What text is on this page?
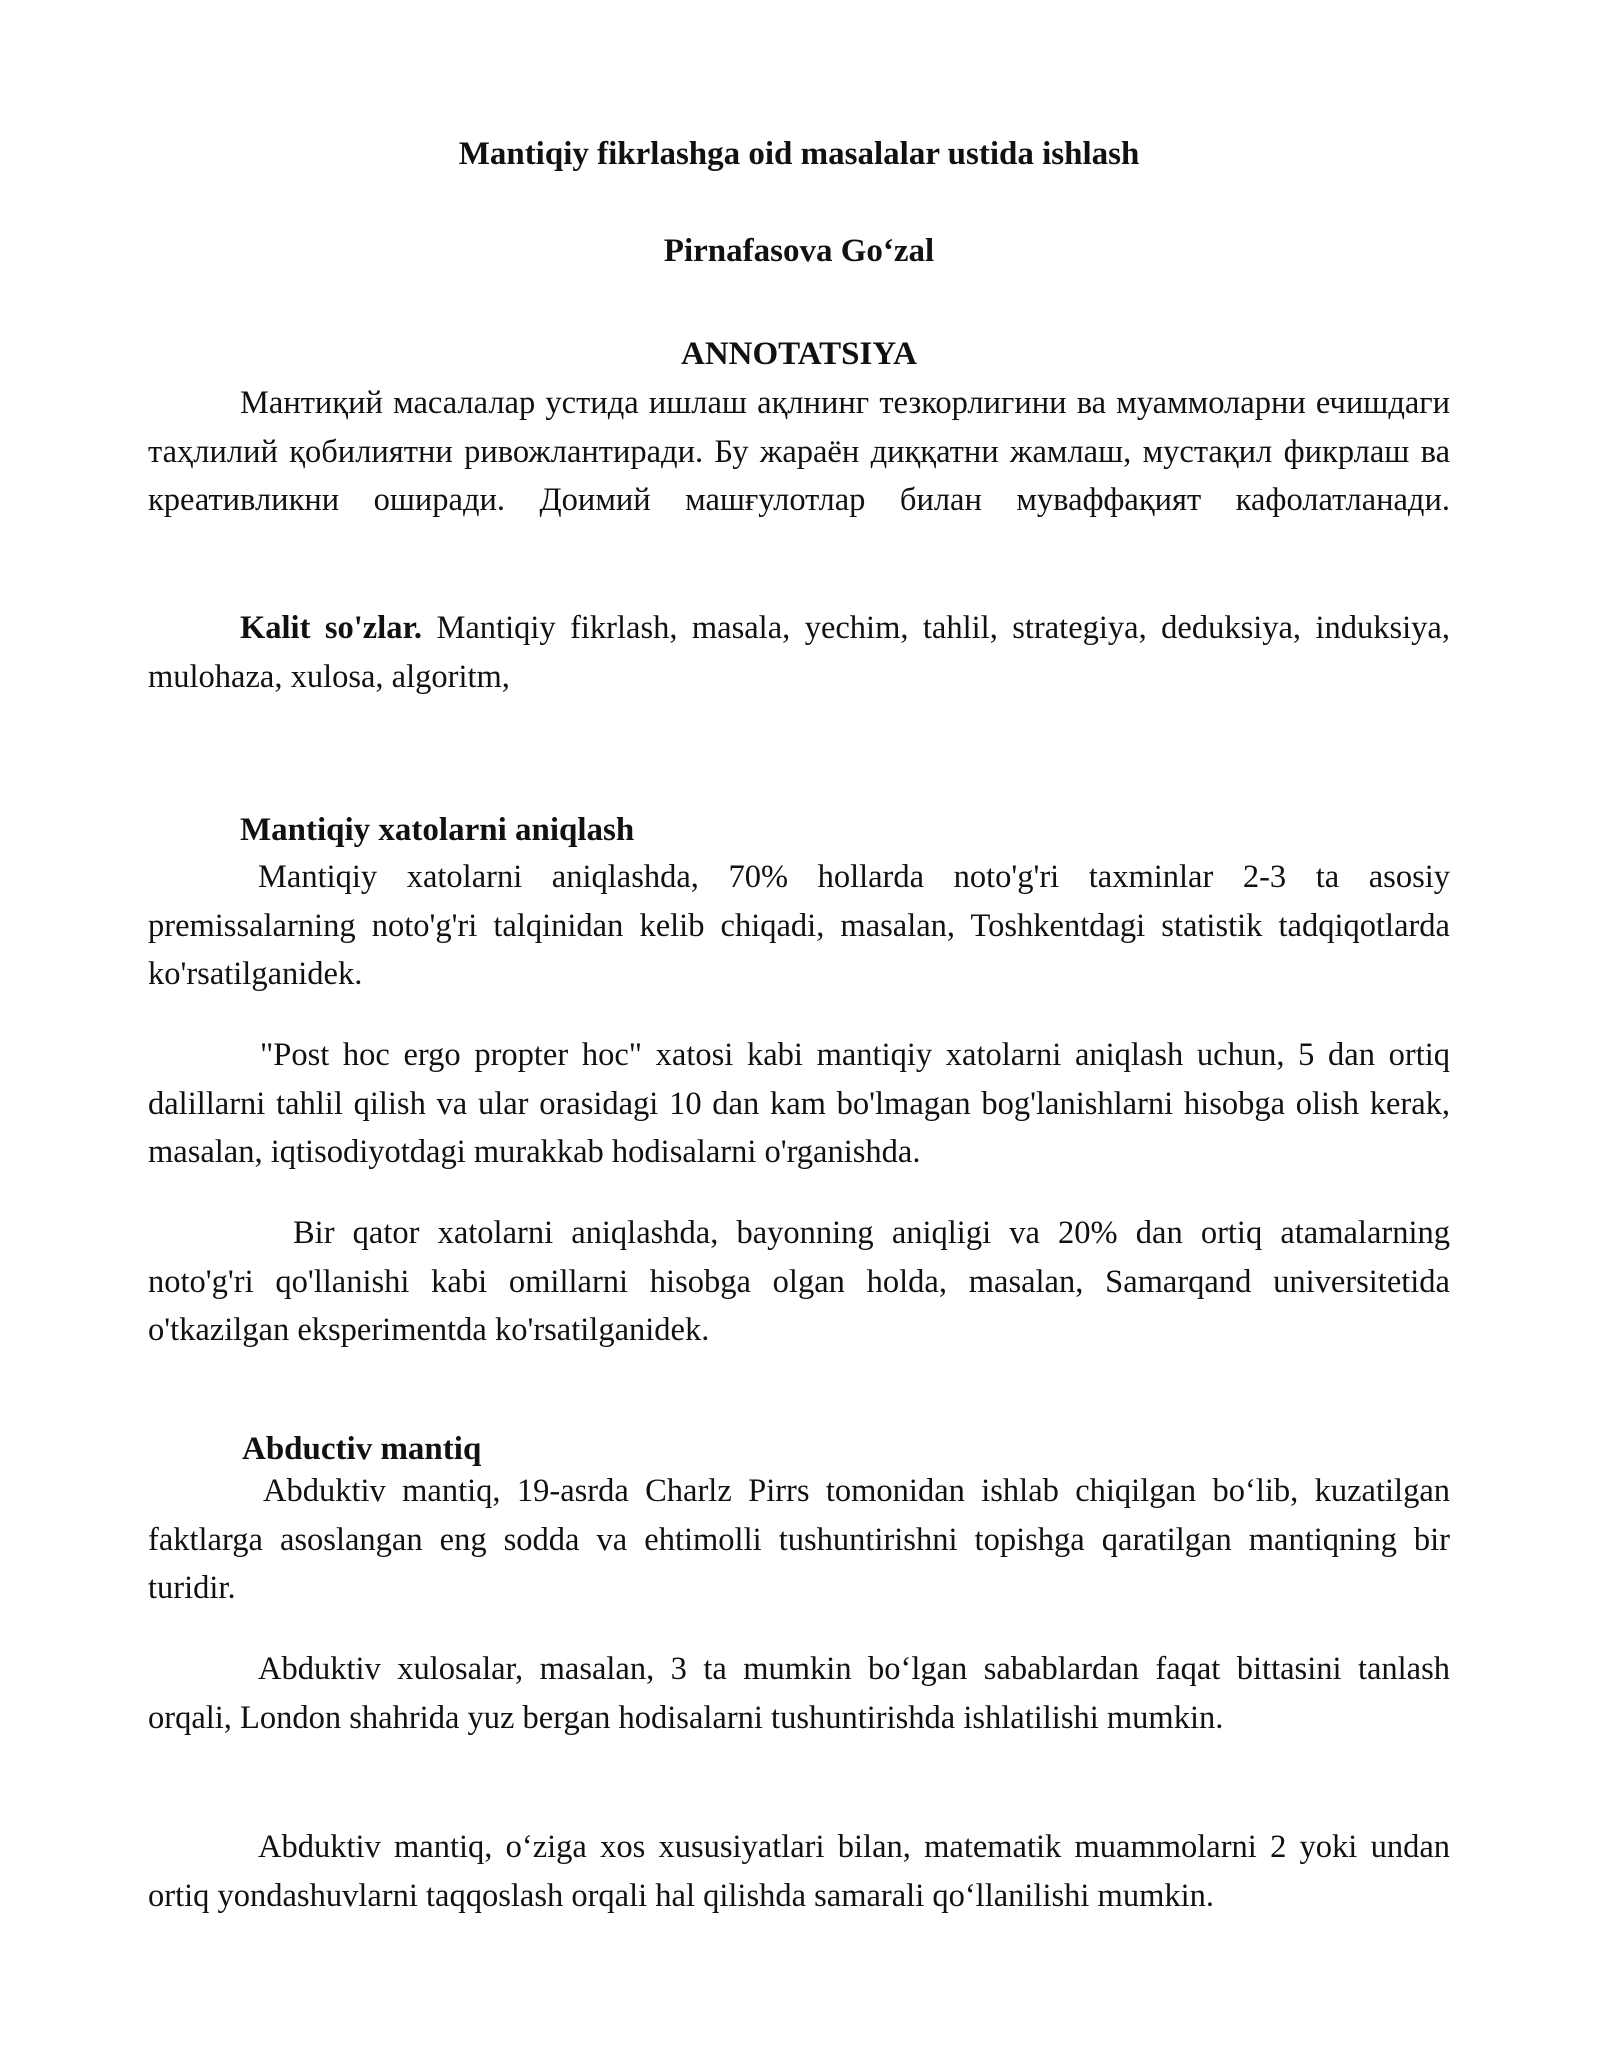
Mantiqiy fikrlashga oid masalalar ustida ishlash
Pirnafasova Go‘zal
ANNOTATSIYA
Мантиқий масалалар устида ишлаш ақлнинг тезкорлигини ва муаммоларни ечишдаги таҳлилий қобилиятни ривожлантиради. Бу жараён диққатни жамлаш, мустақил фикрлаш ва креативликни оширади. Доимий машғулотлар билан муваффақият кафолатланади.
Kalit so'zlar. Mantiqiy fikrlash, masala, yechim, tahlil, strategiya, deduksiya, induksiya, mulohaza, xulosa, algoritm,
Mantiqiy xatolarni aniqlash
Mantiqiy xatolarni aniqlashda, 70% hollarda noto'g'ri taxminlar 2-3 ta asosiy premissalarning noto'g'ri talqinidan kelib chiqadi, masalan, Toshkentdagi statistik tadqiqotlarda ko'rsatilganidek.
"Post hoc ergo propter hoc" xatosi kabi mantiqiy xatolarni aniqlash uchun, 5 dan ortiq dalillarni tahlil qilish va ular orasidagi 10 dan kam bo'lmagan bog'lanishlarni hisobga olish kerak, masalan, iqtisodiyotdagi murakkab hodisalarni o'rganishda.
Bir qator xatolarni aniqlashda, bayonning aniqligi va 20% dan ortiq atamalarning noto'g'ri qo'llanishi kabi omillarni hisobga olgan holda, masalan, Samarqand universitetida o'tkazilgan eksperimentda ko'rsatilganidek.
Abductiv mantiq
Abduktiv mantiq, 19-asrda Charlz Pirrs tomonidan ishlab chiqilgan bo‘lib, kuzatilgan faktlarga asoslangan eng sodda va ehtimolli tushuntirishni topishga qaratilgan mantiqning bir turidir.
Abduktiv xulosalar, masalan, 3 ta mumkin bo‘lgan sabablardan faqat bittasini tanlash orqali, London shahrida yuz bergan hodisalarni tushuntirishda ishlatilishi mumkin.
Abduktiv mantiq, o‘ziga xos xususiyatlari bilan, matematik muammolarni 2 yoki undan ortiq yondashuvlarni taqqoslash orqali hal qilishda samarali qo‘llanilishi mumkin.
